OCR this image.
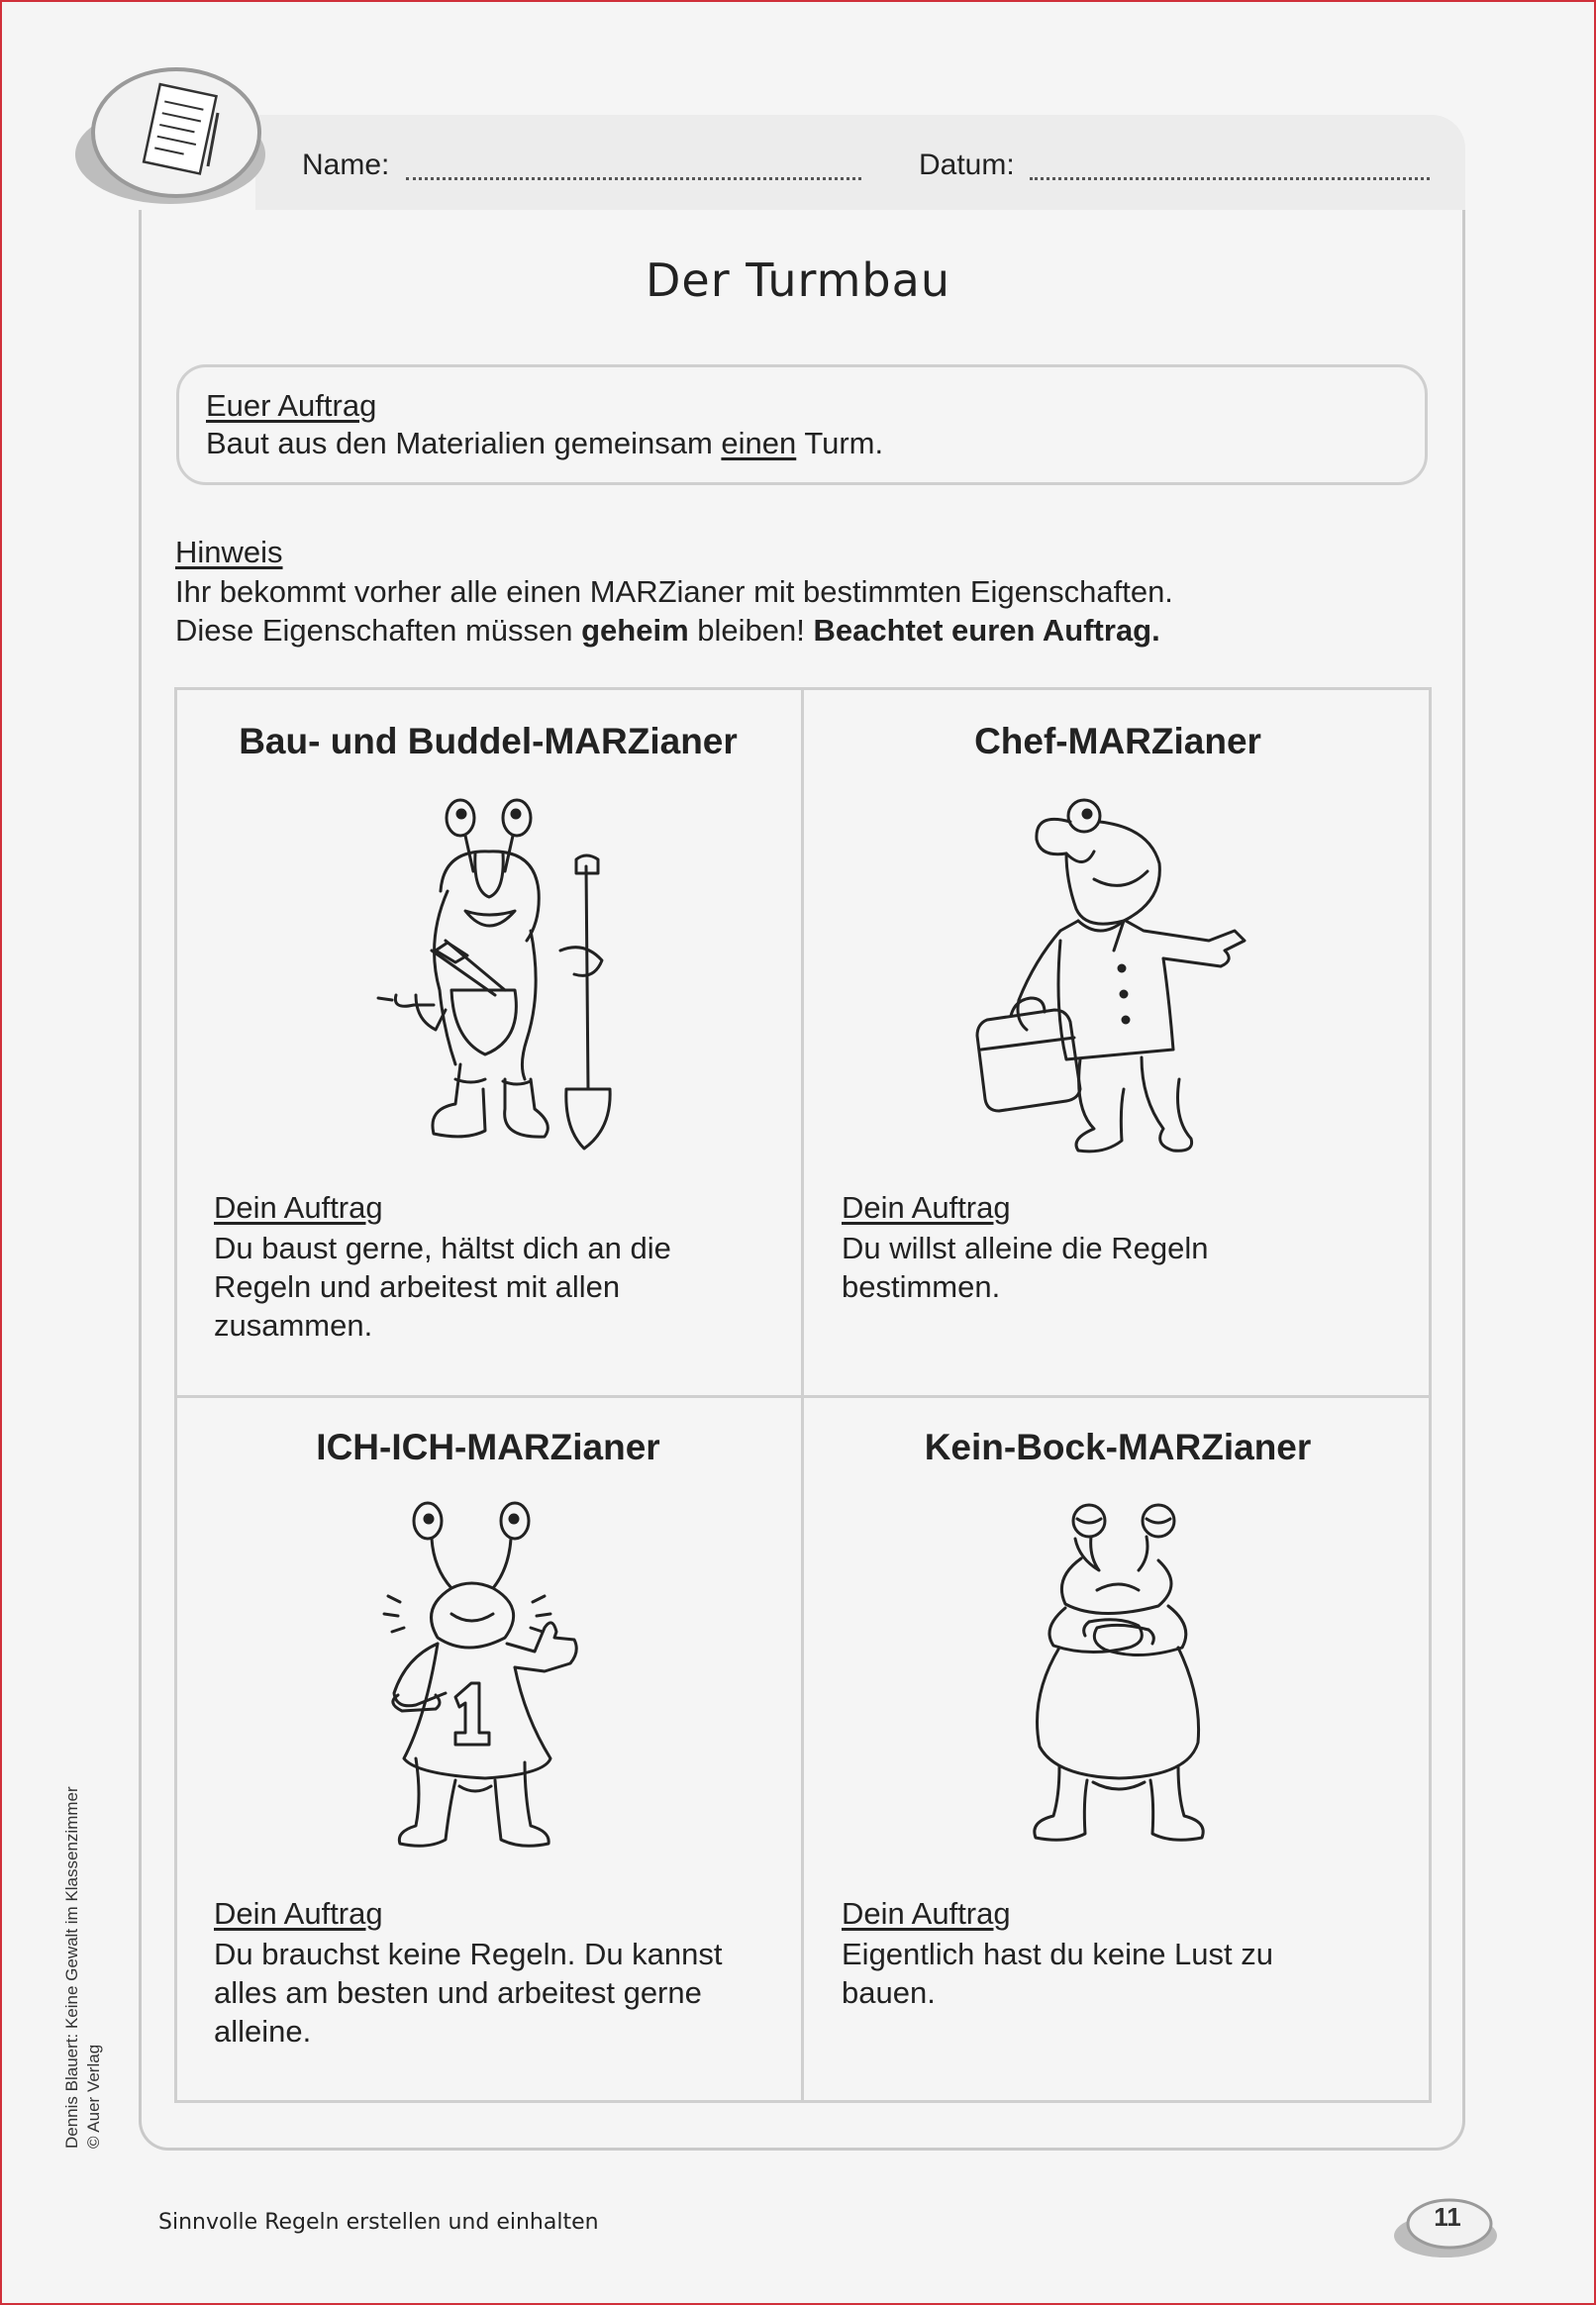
Name:	Datum:
Der Turmbau
Euer Auftrag
Baut aus den Materialien gemeinsam einen Turm.
Hinweis
Ihr bekommt vorher alle einen MARZianer mit bestimmten Eigenschaften.
Diese Eigenschaften müssen geheim bleiben! Beachtet euren Auftrag.
Bau- und Buddel-MARZianer
Dein Auftrag
Du baust gerne, hältst dich an die Regeln und arbeitest mit allen zusammen.
Chef-MARZianer
Dein Auftrag
Du willst alleine die Regeln bestimmen.
ICH-ICH-MARZianer
Dein Auftrag
Du brauchst keine Regeln. Du kannst alles am besten und arbeitest gerne alleine.
Kein-Bock-MARZianer
Dein Auftrag
Eigentlich hast du keine Lust zu bauen.
Dennis Blauert: Keine Gewalt im Klassenzimmer © Auer Verlag
Sinnvolle Regeln erstellen und einhalten	11
